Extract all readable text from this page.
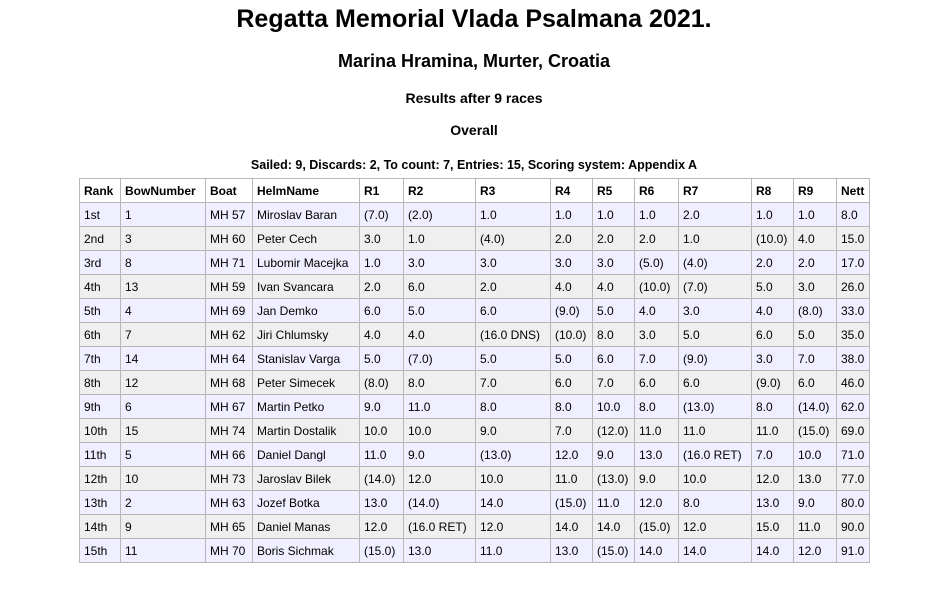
Regatta Memorial Vlada Psalmana 2021.
Marina Hramina, Murter, Croatia
Results after 9 races
Overall

Sailed: 9, Discards: 2, To count: 7, Entries: 15, Scoring system: Appendix A

Rank	BowNumber	Boat	HelmName	R1	R2	R3	R4	R5	R6	R7	R8	R9	Nett
1st	1	MH 57	Miroslav Baran	(7.0)	(2.0)	1.0	1.0	1.0	1.0	2.0	1.0	1.0	8.0
2nd	3	MH 60	Peter Cech	3.0	1.0	(4.0)	2.0	2.0	2.0	1.0	(10.0)	4.0	15.0
3rd	8	MH 71	Lubomir Macejka	1.0	3.0	3.0	3.0	3.0	(5.0)	(4.0)	2.0	2.0	17.0
4th	13	MH 59	Ivan Svancara	2.0	6.0	2.0	4.0	4.0	(10.0)	(7.0)	5.0	3.0	26.0
5th	4	MH 69	Jan Demko	6.0	5.0	6.0	(9.0)	5.0	4.0	3.0	4.0	(8.0)	33.0
6th	7	MH 62	Jiri Chlumsky	4.0	4.0	(16.0 DNS)	(10.0)	8.0	3.0	5.0	6.0	5.0	35.0
7th	14	MH 64	Stanislav Varga	5.0	(7.0)	5.0	5.0	6.0	7.0	(9.0)	3.0	7.0	38.0
8th	12	MH 68	Peter Simecek	(8.0)	8.0	7.0	6.0	7.0	6.0	6.0	(9.0)	6.0	46.0
9th	6	MH 67	Martin Petko	9.0	11.0	8.0	8.0	10.0	8.0	(13.0)	8.0	(14.0)	62.0
10th	15	MH 74	Martin Dostalik	10.0	10.0	9.0	7.0	(12.0)	11.0	11.0	11.0	(15.0)	69.0
11th	5	MH 66	Daniel Dangl	11.0	9.0	(13.0)	12.0	9.0	13.0	(16.0 RET)	7.0	10.0	71.0
12th	10	MH 73	Jaroslav Bilek	(14.0)	12.0	10.0	11.0	(13.0)	9.0	10.0	12.0	13.0	77.0
13th	2	MH 63	Jozef Botka	13.0	(14.0)	14.0	(15.0)	11.0	12.0	8.0	13.0	9.0	80.0
14th	9	MH 65	Daniel Manas	12.0	(16.0 RET)	12.0	14.0	14.0	(15.0)	12.0	15.0	11.0	90.0
15th	11	MH 70	Boris Sichmak	(15.0)	13.0	11.0	13.0	(15.0)	14.0	14.0	14.0	12.0	91.0
